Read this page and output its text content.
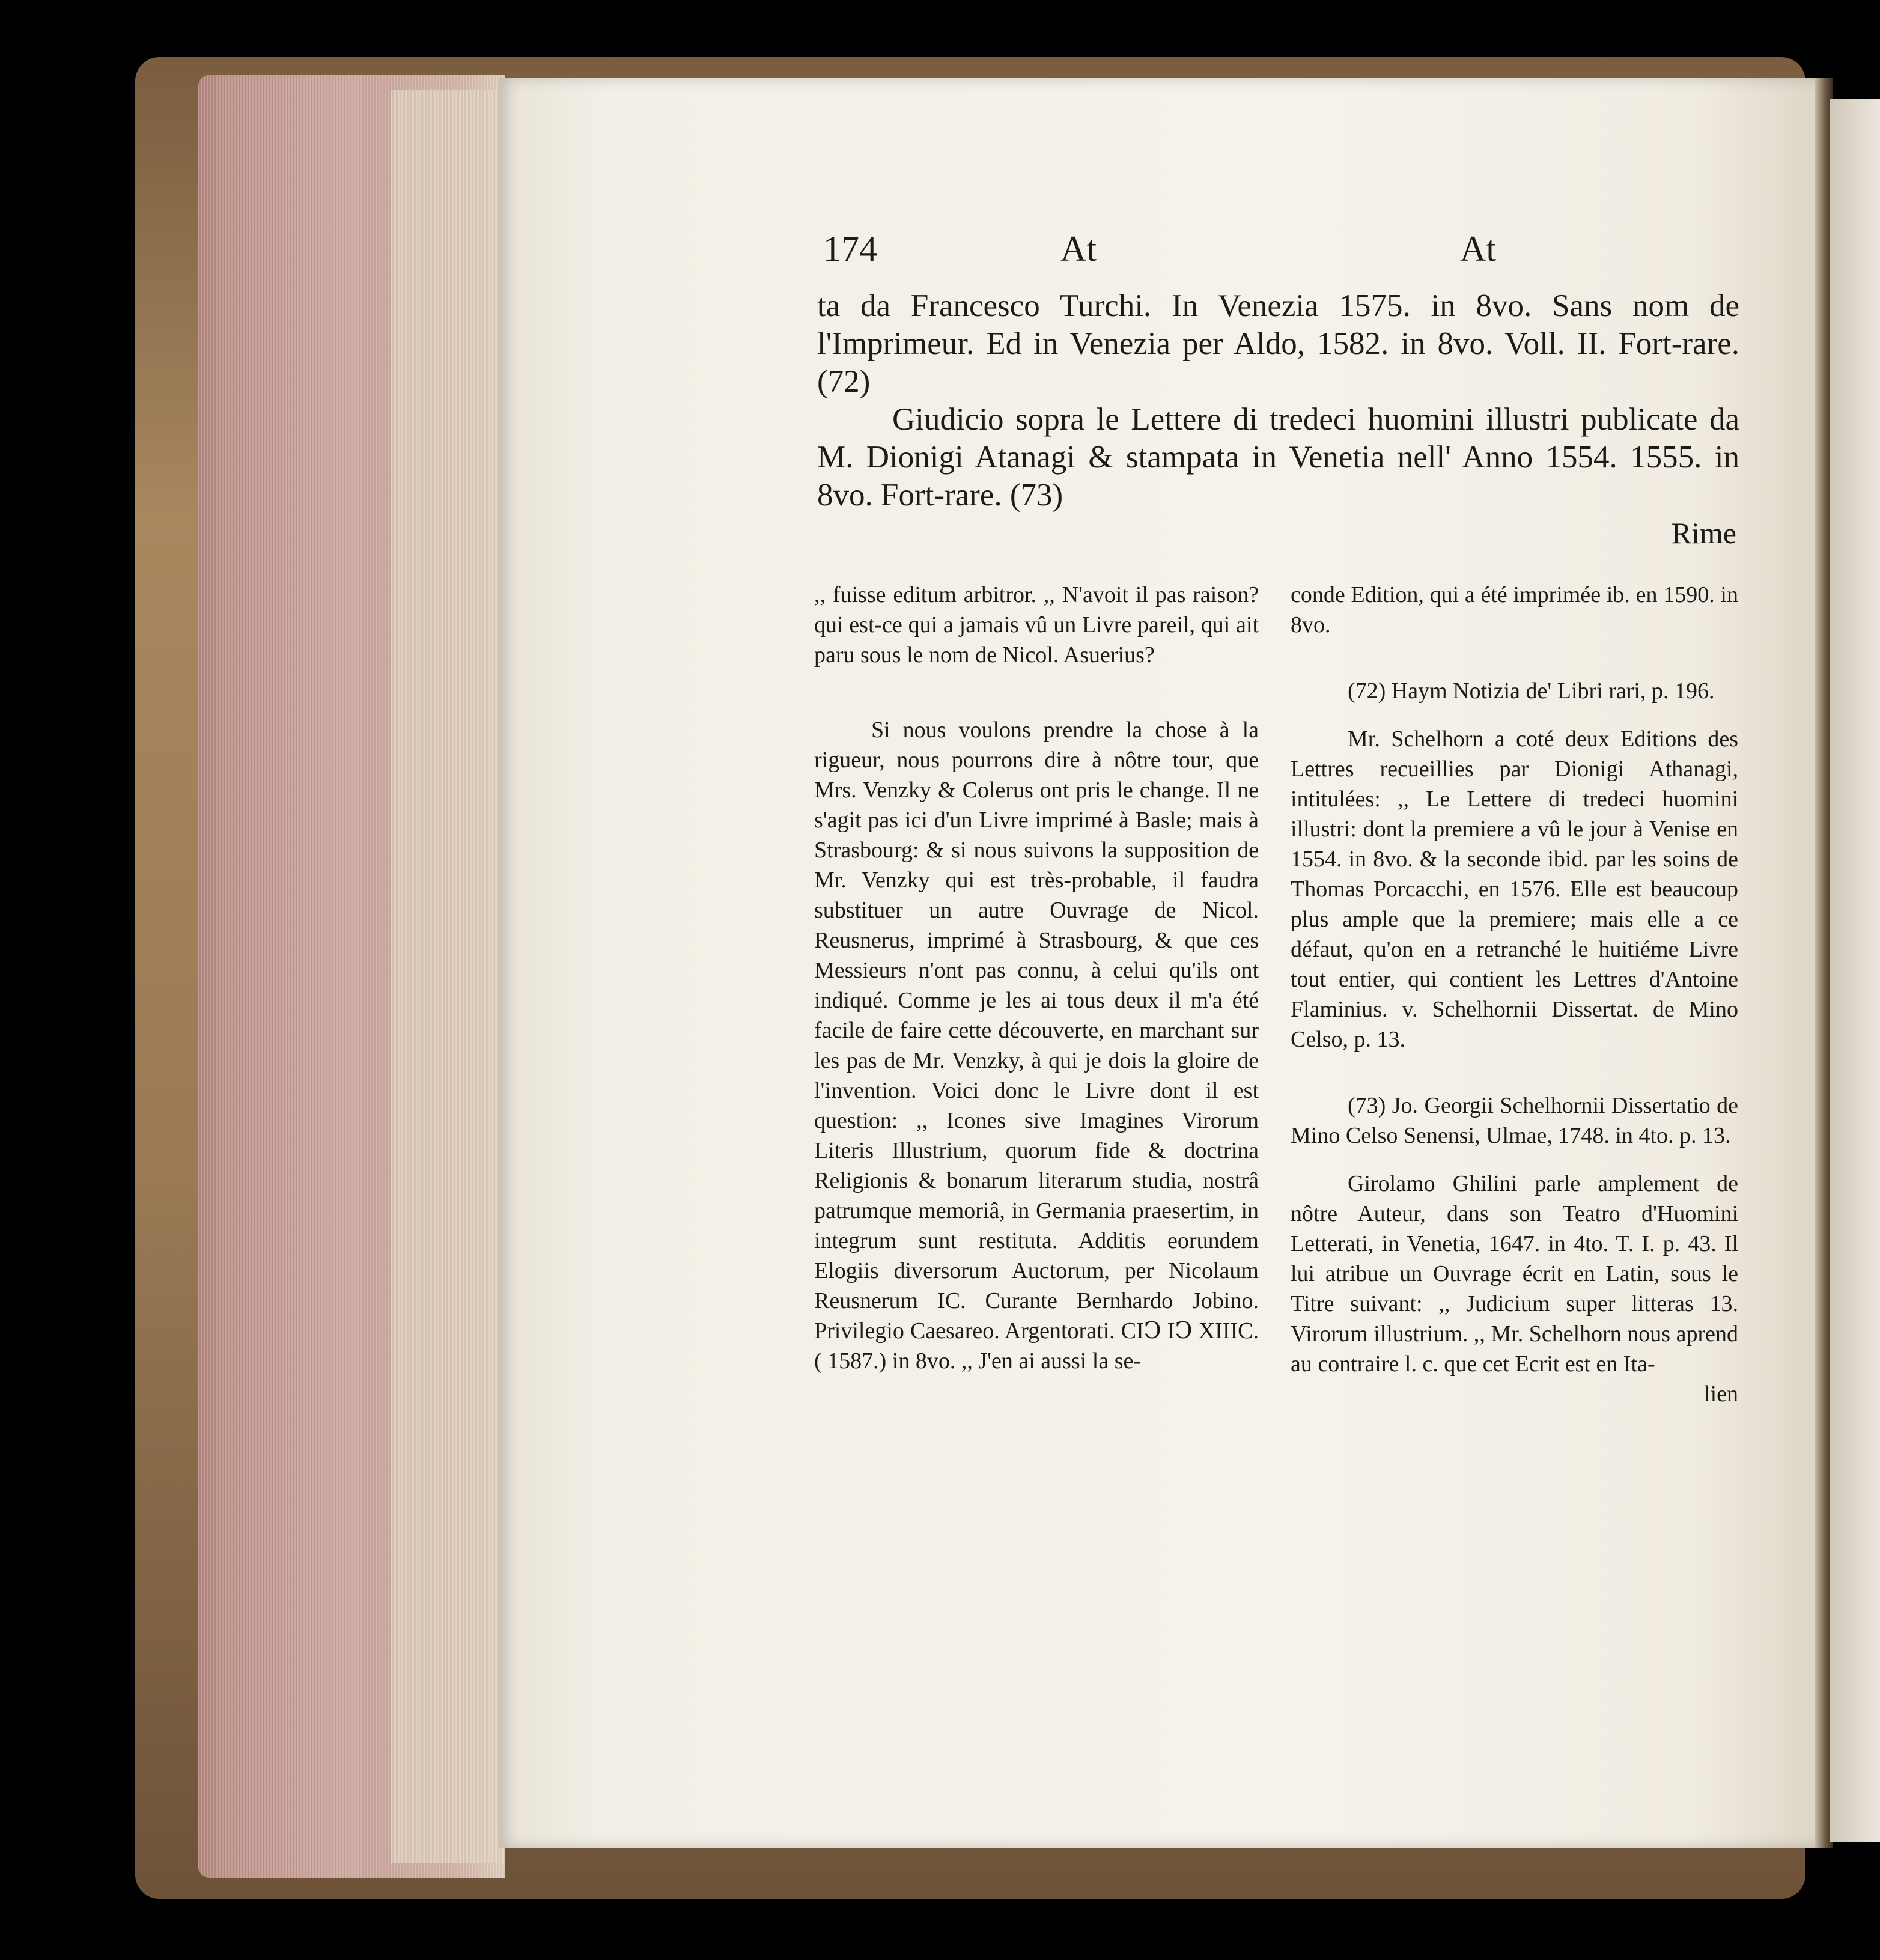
174	At	At

ta da Francesco Turchi. In Venezia 1575. in 8vo. Sans nom de l'Imprimeur. Ed in Venezia per Aldo, 1582. in 8vo. Voll. II. Fort-rare. (72)

Giudicio sopra le Lettere di tredeci huomini illustri publicate da M. Dionigi Atanagi & stampata in Venetia nell' Anno 1554. 1555. in 8vo. Fort-rare. (73)

Rime

,, fuisse editum arbitror. ,, N'avoit il pas raison? qui est-ce qui a jamais vû un Livre pareil, qui ait paru sous le nom de Nicol. Asuerius?

Si nous voulons prendre la chose à la rigueur, nous pourrons dire à nôtre tour, que Mrs. Venzky & Colerus ont pris le change. Il ne s'agit pas ici d'un Livre imprimé à Basle; mais à Strasbourg: & si nous suivons la supposition de Mr. Venzky qui est très-probable, il faudra substituer un autre Ouvrage de Nicol. Reusnerus, imprimé à Strasbourg, & que ces Messieurs n'ont pas connu, à celui qu'ils ont indiqué. Comme je les ai tous deux il m'a été facile de faire cette découverte, en marchant sur les pas de Mr. Venzky, à qui je dois la gloire de l'invention. Voici donc le Livre dont il est question: ,, Icones sive Imagines Virorum Literis Illustrium, quorum fide & doctrina Religionis & bonarum literarum studia, nostrâ patrumque memoriâ, in Germania praesertim, in integrum sunt restituta. Additis eorundem Elogiis diversorum Auctorum, per Nicolaum Reusnerum IC. Curante Bernhardo Jobino. Privilegio Caesareo. Argentorati. CIↃ IↃ XIIIC. ( 1587.) in 8vo. ,, J'en ai aussi la se-

conde Edition, qui a été imprimée ib. en 1590. in 8vo.

(72) Haym Notizia de' Libri rari, p. 196.

Mr. Schelhorn a coté deux Editions des Lettres recueillies par Dionigi Athanagi, intitulées: ,, Le Lettere di tredeci huomini illustri: dont la premiere a vû le jour à Venise en 1554. in 8vo. & la seconde ibid. par les soins de Thomas Porcacchi, en 1576. Elle est beaucoup plus ample que la premiere; mais elle a ce défaut, qu'on en a retranché le huitiéme Livre tout entier, qui contient les Lettres d'Antoine Flaminius. v. Schelhornii Dissertat. de Mino Celso, p. 13.

(73) Jo. Georgii Schelhornii Dissertatio de Mino Celso Senensi, Ulmae, 1748. in 4to. p. 13.

Girolamo Ghilini parle amplement de nôtre Auteur, dans son Teatro d'Huomini Letterati, in Venetia, 1647. in 4to. T. I. p. 43. Il lui atribue un Ouvrage écrit en Latin, sous le Titre suivant: ,, Judicium super litteras 13. Virorum illustrium. ,, Mr. Schelhorn nous aprend au contraire l. c. que cet Ecrit est en Ita-

lien
